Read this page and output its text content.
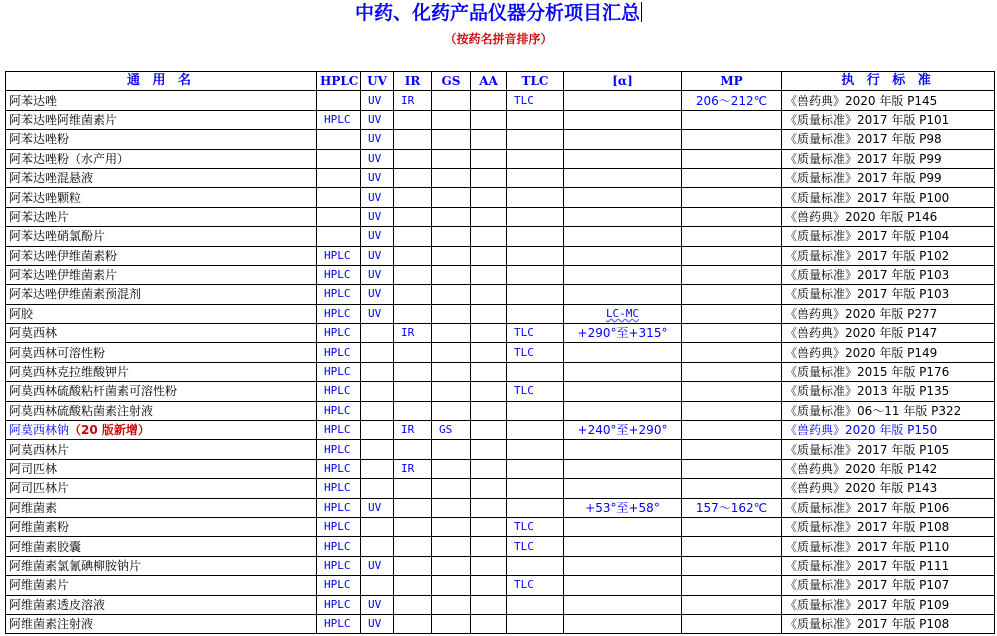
中药、化药产品仪器分析项目汇总
（按药名拼音排序）
通 用 名	HPLC	UV	IR	GS	AA	TLC	[α]	MP	执 行 标 准
阿苯达唑		UV	IR			TLC		206～212℃	《兽药典》2020 年版 P145
阿苯达唑阿维菌素片	HPLC	UV							《质量标准》2017 年版 P101
阿苯达唑粉		UV							《质量标准》2017 年版 P98
阿苯达唑粉（水产用）		UV							《质量标准》2017 年版 P99
阿苯达唑混悬液		UV							《质量标准》2017 年版 P99
阿苯达唑颗粒		UV							《质量标准》2017 年版 P100
阿苯达唑片		UV							《兽药典》2020 年版 P146
阿苯达唑硝氯酚片		UV							《质量标准》2017 年版 P104
阿苯达唑伊维菌素粉	HPLC	UV							《质量标准》2017 年版 P102
阿苯达唑伊维菌素片	HPLC	UV							《质量标准》2017 年版 P103
阿苯达唑伊维菌素预混剂	HPLC	UV							《质量标准》2017 年版 P103
阿胶	HPLC	UV					LC-MC		《兽药典》2020 年版 P277
阿莫西林	HPLC		IR			TLC	+290°至+315°		《兽药典》2020 年版 P147
阿莫西林可溶性粉	HPLC					TLC			《兽药典》2020 年版 P149
阿莫西林克拉维酸钾片	HPLC								《质量标准》2015 年版 P176
阿莫西林硫酸粘杆菌素可溶性粉	HPLC					TLC			《质量标准》2013 年版 P135
阿莫西林硫酸粘菌素注射液	HPLC								《质量标准》06～11 年版 P322
阿莫西林钠（20 版新增）	HPLC		IR	GS			+240°至+290°		《兽药典》2020 年版 P150
阿莫西林片	HPLC								《质量标准》2017 年版 P105
阿司匹林	HPLC		IR						《兽药典》2020 年版 P142
阿司匹林片	HPLC								《兽药典》2020 年版 P143
阿维菌素	HPLC	UV					+53°至+58°	157～162℃	《质量标准》2017 年版 P106
阿维菌素粉	HPLC					TLC			《质量标准》2017 年版 P108
阿维菌素胶囊	HPLC					TLC			《质量标准》2017 年版 P110
阿维菌素氯氰碘柳胺钠片	HPLC	UV							《质量标准》2017 年版 P111
阿维菌素片	HPLC					TLC			《质量标准》2017 年版 P107
阿维菌素透皮溶液	HPLC	UV							《质量标准》2017 年版 P109
阿维菌素注射液	HPLC	UV							《质量标准》2017 年版 P108
